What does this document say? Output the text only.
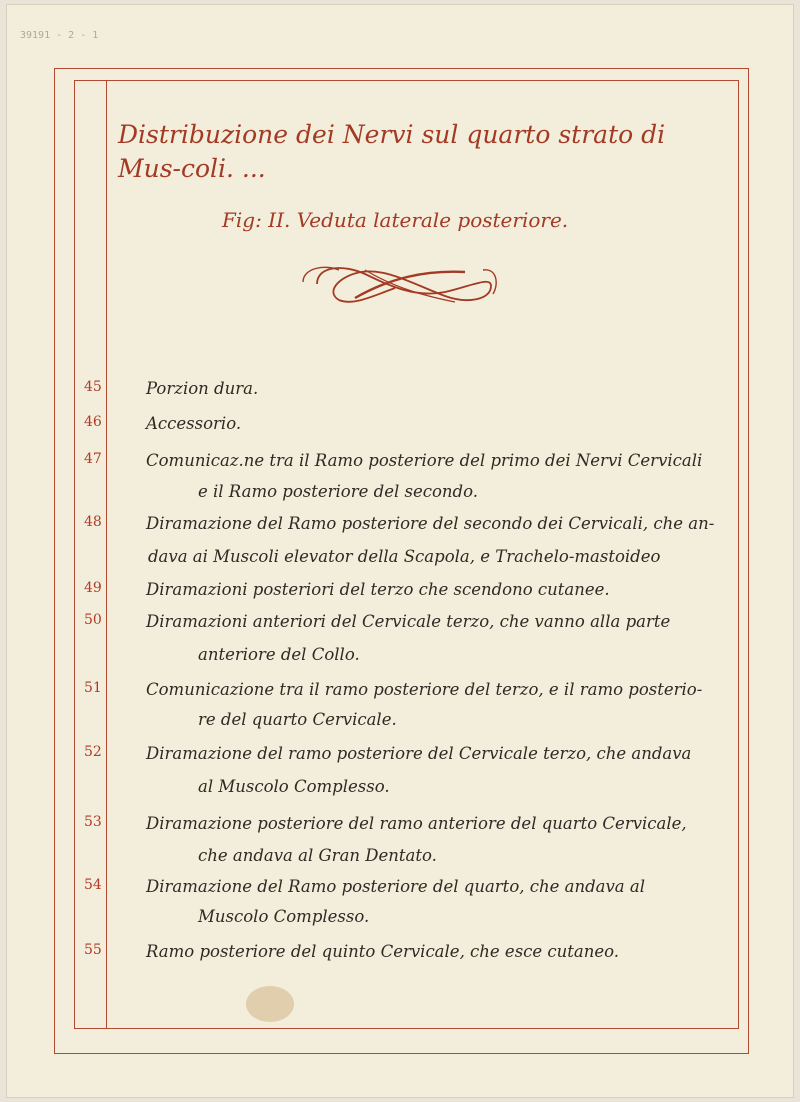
39191 - 2 - 1
Distribuzione dei Nervi sul quarto strato di Mus-coli. ...
Fig: II. Veduta laterale posteriore.
45	Porzion dura.
46	Accessorio.
47	Comunicaz.ne tra il Ramo posteriore del primo dei Nervi Cervicali
e il Ramo posteriore del secondo.
48	Diramazione del Ramo posteriore del secondo dei Cervicali, che an-
dava ai Muscoli elevator della Scapola, e Trachelo-mastoideo
49	Diramazioni posteriori del terzo che scendono cutanee.
50	Diramazioni anteriori del Cervicale terzo, che vanno alla parte
anteriore del Collo.
51	Comunicazione tra il ramo posteriore del terzo, e il ramo posterio-
re del quarto Cervicale.
52	Diramazione del ramo posteriore del Cervicale terzo, che andava
al Muscolo Complesso.
53	Diramazione posteriore del ramo anteriore del quarto Cervicale,
che andava al Gran Dentato.
54	Diramazione del Ramo posteriore del quarto, che andava al
Muscolo Complesso.
55	Ramo posteriore del quinto Cervicale, che esce cutaneo.
